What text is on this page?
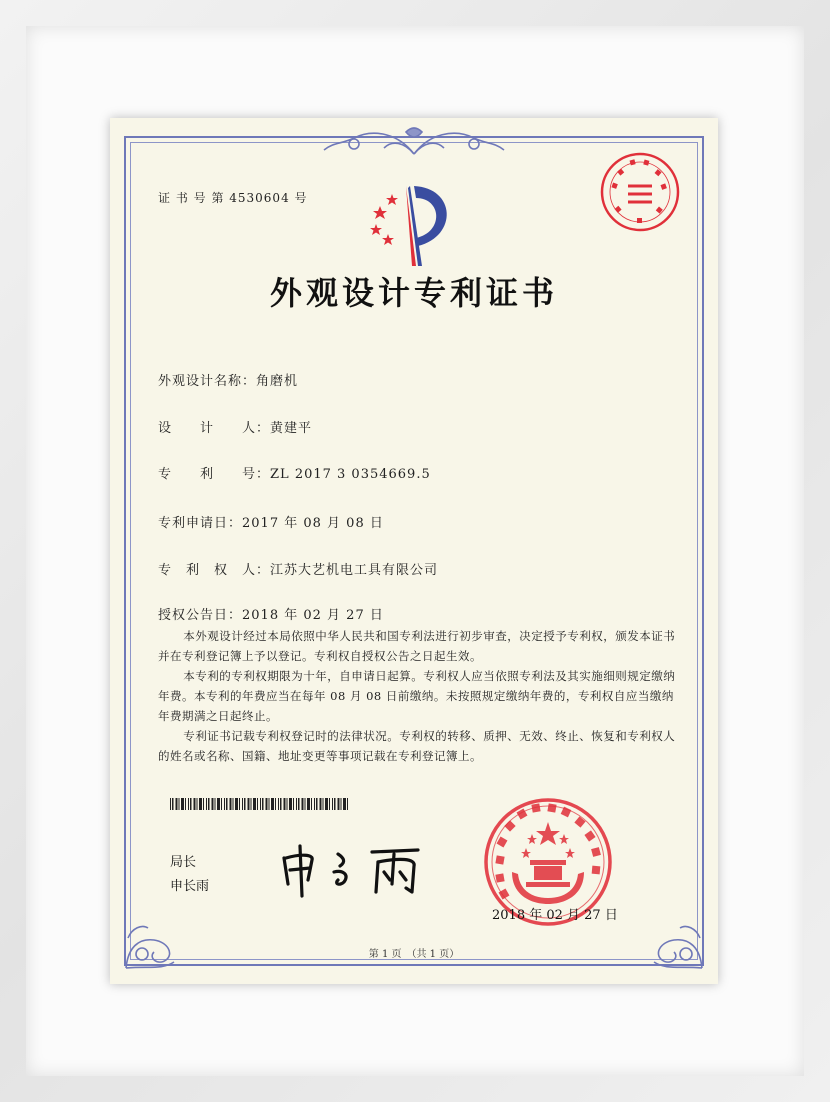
证 书 号 第 4530604 号
外观设计专利证书
外观设计名称：角磨机
设　　计　　人：黄建平
专　　利　　号：ZL 2017 3 0354669.5
专利申请日：2017 年 08 月 08 日
专　利　权　人：江苏大艺机电工具有限公司
授权公告日：2018 年 02 月 27 日

本外观设计经过本局依照中华人民共和国专利法进行初步审查，决定授予专利权，颁发本证书并在专利登记簿上予以登记。专利权自授权公告之日起生效。

本专利的专利权期限为十年，自申请日起算。专利权人应当依照专利法及其实施细则规定缴纳年费。本专利的年费应当在每年 08 月 08 日前缴纳。未按照规定缴纳年费的，专利权自应当缴纳年费期满之日起终止。

专利证书记载专利权登记时的法律状况。专利权的转移、质押、无效、终止、恢复和专利权人的姓名或名称、国籍、地址变更等事项记载在专利登记簿上。

局长
申长雨
2018 年 02 月 27 日
第 1 页　（共 1 页）
